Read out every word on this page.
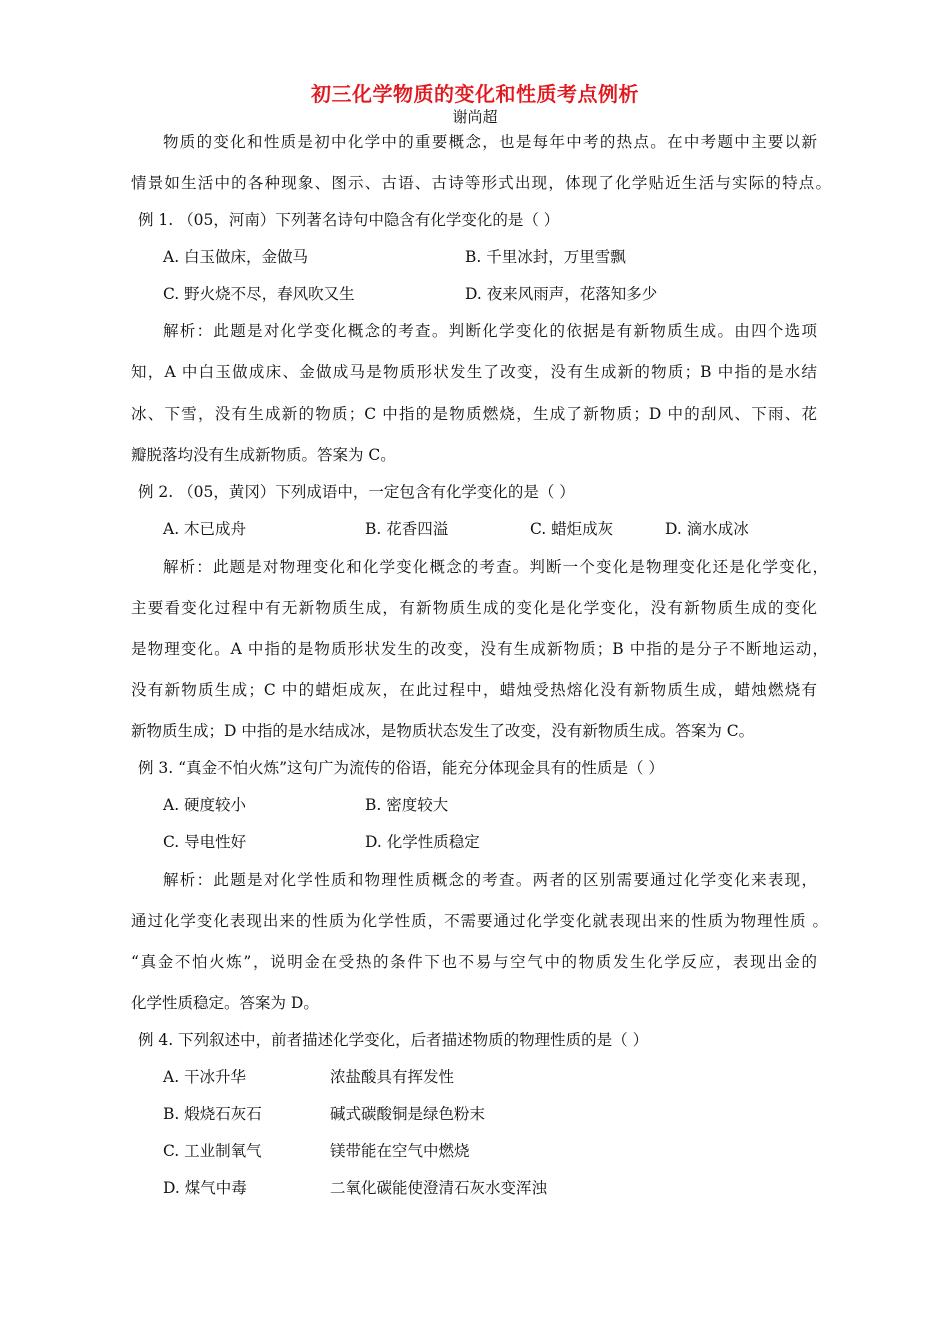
初三化学物质的变化和性质考点例析
谢尚超
物质的变化和性质是初中化学中的重要概念，也是每年中考的热点。在中考题中主要以新
情景如生活中的各种现象、图示、古语、古诗等形式出现，体现了化学贴近生活与实际的特点。
例 1. （05，河南）下列著名诗句中隐含有化学变化的是（ ）
A. 白玉做床，金做马	B. 千里冰封，万里雪飘
C. 野火烧不尽，春风吹又生	D. 夜来风雨声，花落知多少
解析：此题是对化学变化概念的考查。判断化学变化的依据是有新物质生成。由四个选项
知，A 中白玉做成床、金做成马是物质形状发生了改变，没有生成新的物质；B 中指的是水结
冰、下雪，没有生成新的物质；C 中指的是物质燃烧，生成了新物质；D 中的刮风、下雨、花
瓣脱落均没有生成新物质。答案为 C。
例 2. （05，黄冈）下列成语中，一定包含有化学变化的是（ ）
A. 木已成舟	B. 花香四溢	C. 蜡炬成灰	D. 滴水成冰
解析：此题是对物理变化和化学变化概念的考查。判断一个变化是物理变化还是化学变化，
主要看变化过程中有无新物质生成，有新物质生成的变化是化学变化，没有新物质生成的变化
是物理变化。A 中指的是物质形状发生的改变，没有生成新物质；B 中指的是分子不断地运动，
没有新物质生成；C 中的蜡炬成灰，在此过程中，蜡烛受热熔化没有新物质生成，蜡烛燃烧有
新物质生成；D 中指的是水结成冰，是物质状态发生了改变，没有新物质生成。答案为 C。
例 3. “真金不怕火炼”这句广为流传的俗语，能充分体现金具有的性质是（ ）
A. 硬度较小	B. 密度较大
C. 导电性好	D. 化学性质稳定
解析：此题是对化学性质和物理性质概念的考查。两者的区别需要通过化学变化来表现，
通过化学变化表现出来的性质为化学性质，不需要通过化学变化就表现出来的性质为物理性质 。
“真金不怕火炼”，说明金在受热的条件下也不易与空气中的物质发生化学反应，表现出金的
化学性质稳定。答案为 D。
例 4. 下列叙述中，前者描述化学变化，后者描述物质的物理性质的是（ ）
A. 干冰升华	浓盐酸具有挥发性
B. 煅烧石灰石	碱式碳酸铜是绿色粉末
C. 工业制氧气	镁带能在空气中燃烧
D. 煤气中毒	二氧化碳能使澄清石灰水变浑浊
